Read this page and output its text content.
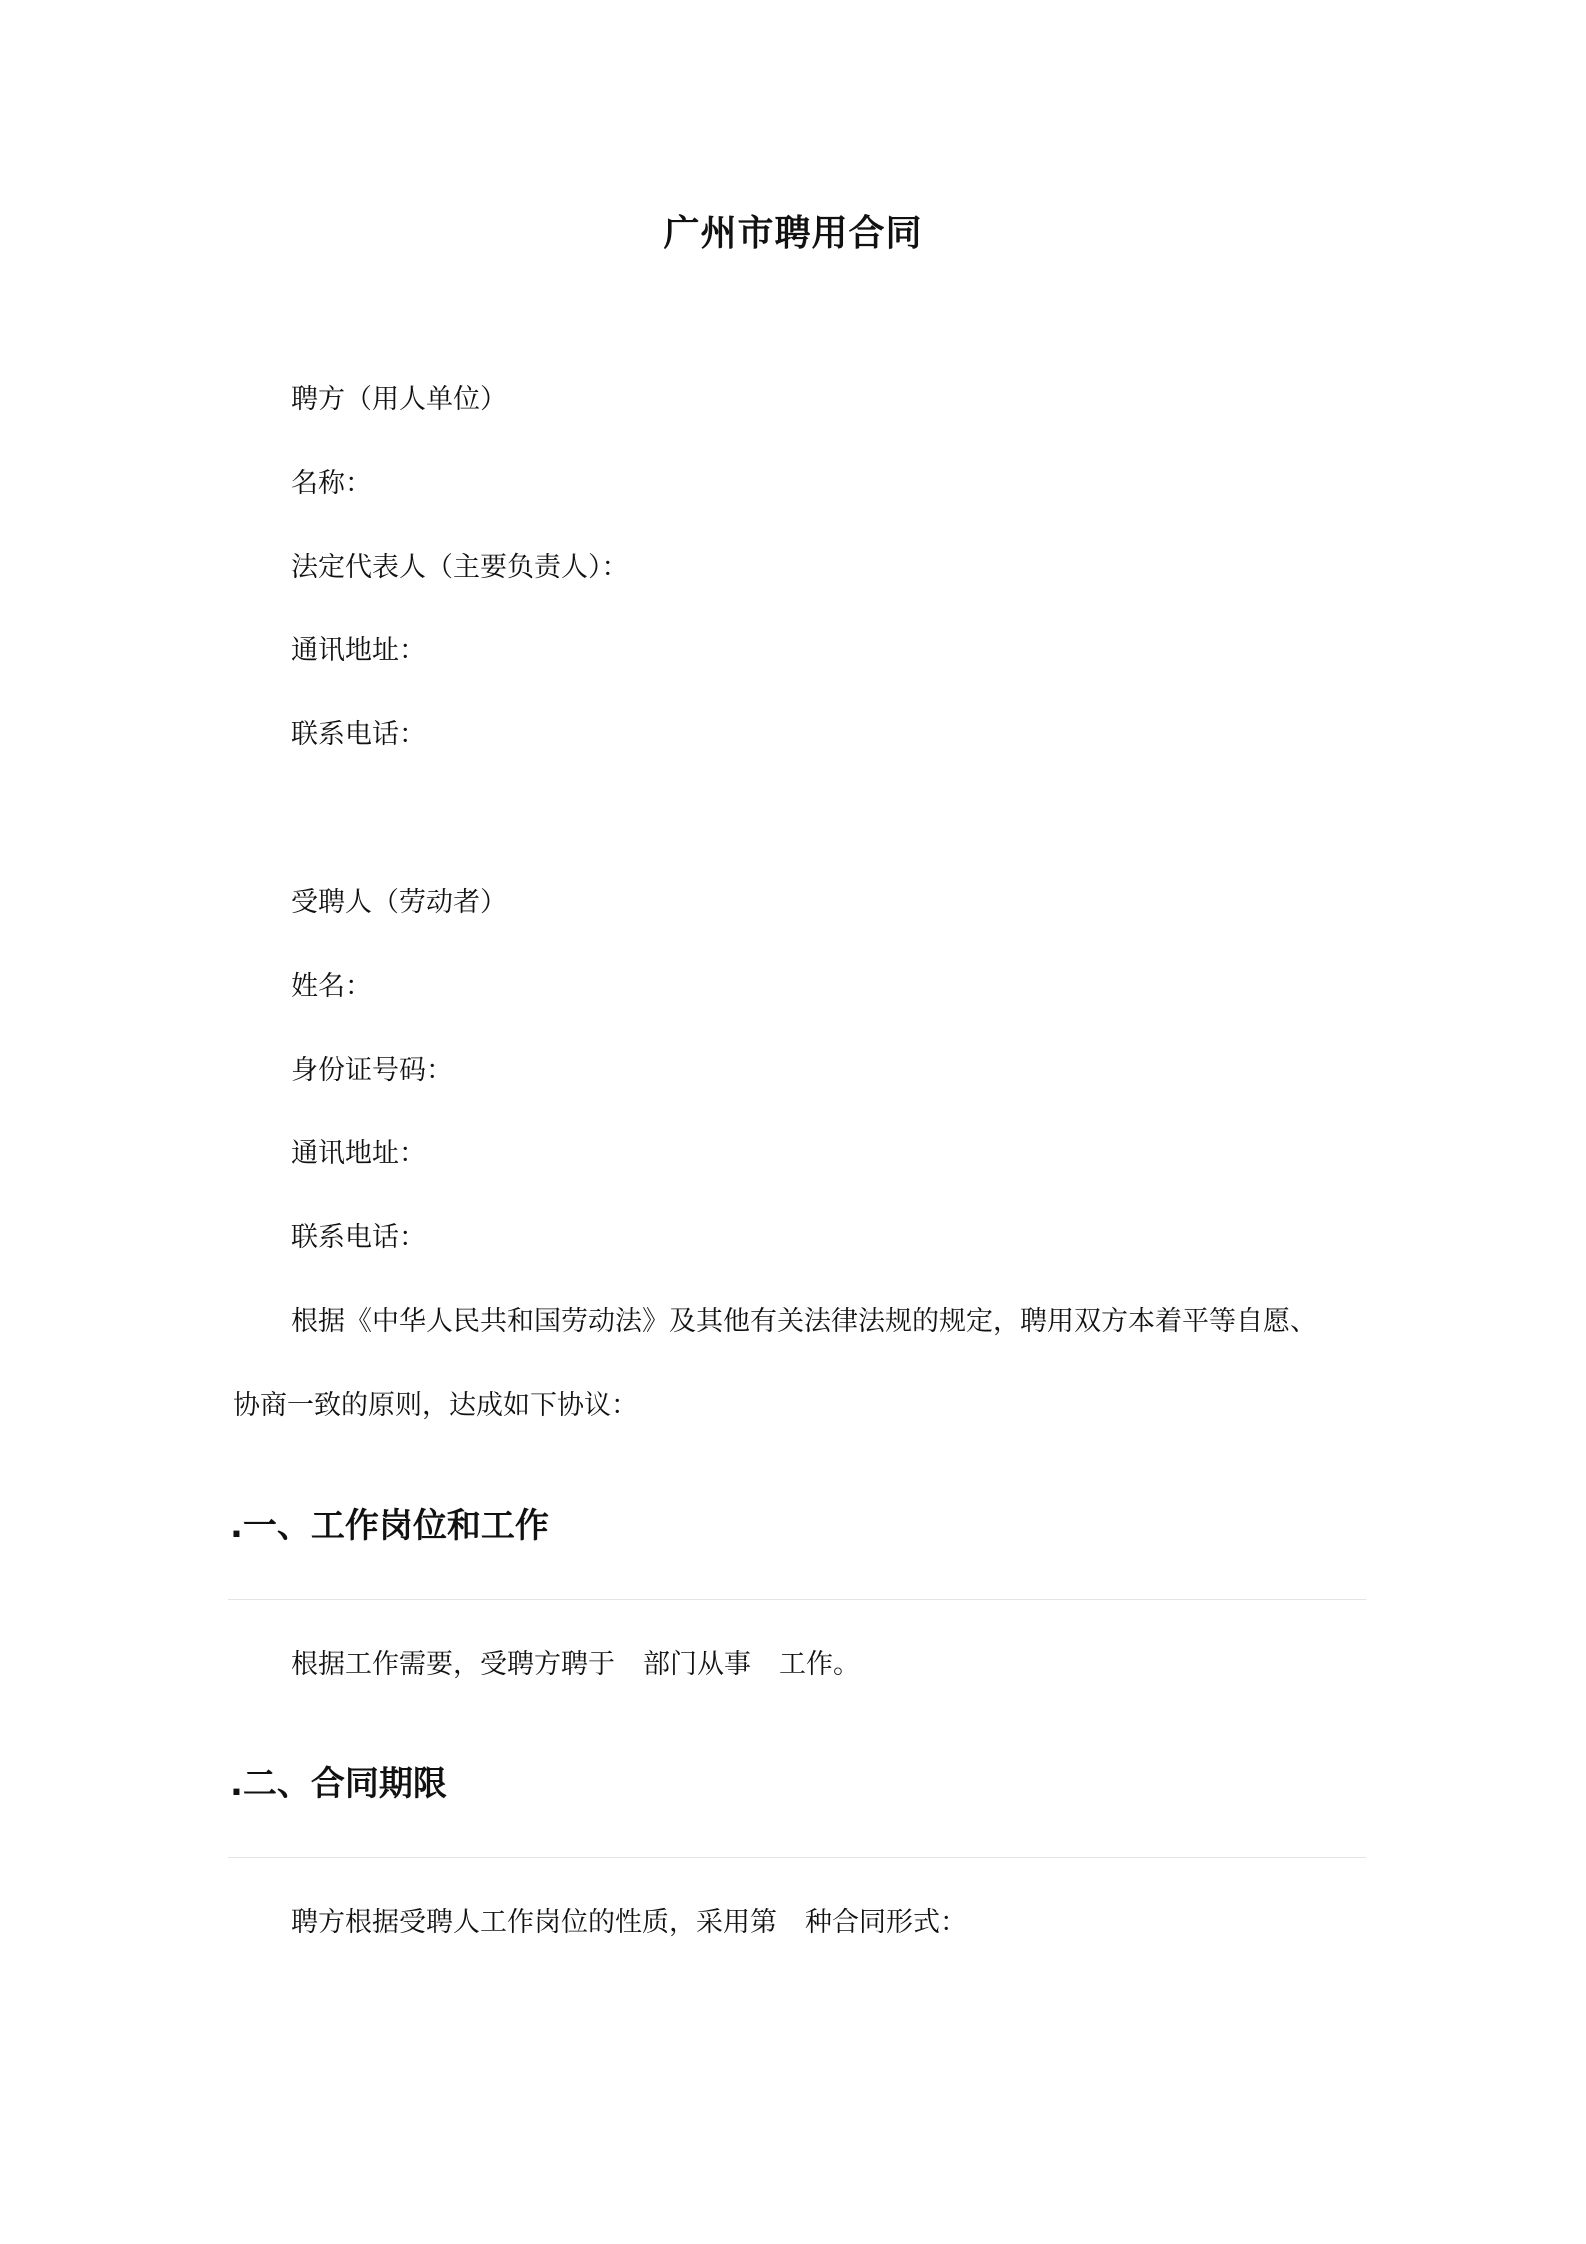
广州市聘用合同
聘方（用人单位）
名称：
法定代表人（主要负责人）：
通讯地址：
联系电话：
受聘人（劳动者）
姓名：
身份证号码：
通讯地址：
联系电话：
根据《中华人民共和国劳动法》及其他有关法律法规的规定，聘用双方本着平等自愿、
协商一致的原则，达成如下协议：
.一、工作岗位和工作
根据工作需要，受聘方聘于 部门从事 工作。
.二、合同期限
聘方根据受聘人工作岗位的性质，采用第 种合同形式：
